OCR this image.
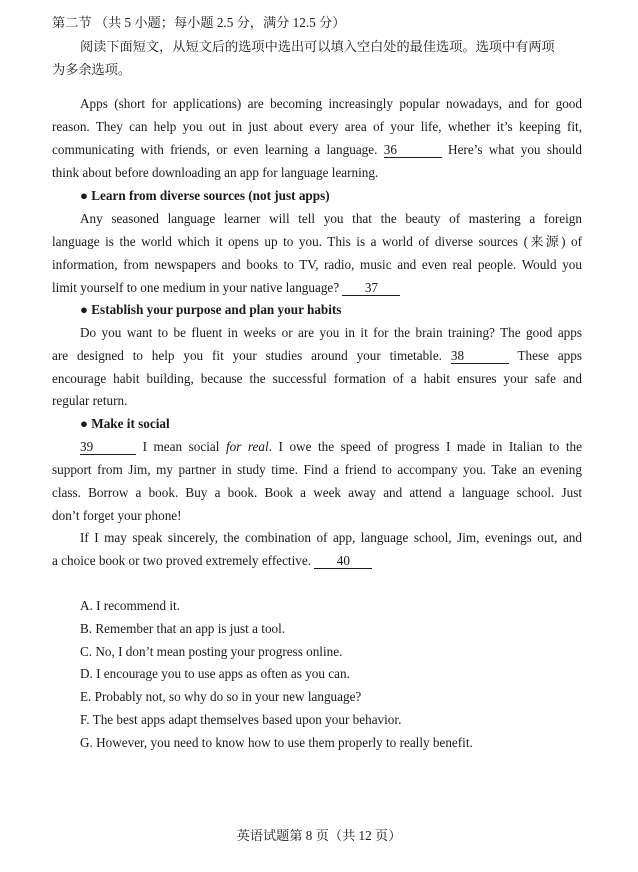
第二节 （共 5 小题；每小题 2.5 分，满分 12.5 分）
阅读下面短文，从短文后的选项中选出可以填入空白处的最佳选项。选项中有两项
为多余选项。
Apps (short for applications) are becoming increasingly popular nowadays, and for good
reason. They can help you out in just about every area of your life, whether it’s keeping fit,
communicating with friends, or even learning a language. 36	Here’s what you should
think about before downloading an app for language learning.
● Learn from diverse sources (not just apps)
Any seasoned language learner will tell you that the beauty of mastering a foreign
language is the world which it opens up to you. This is a world of diverse sources (来源) of
information, from newspapers and books to TV, radio, music and even real people. Would you
limit yourself to one medium in your native language? 37
● Establish your purpose and plan your habits
Do you want to be fluent in weeks or are you in it for the brain training? The good apps
are designed to help you fit your studies around your timetable. 38	These apps
encourage habit building, because the successful formation of a habit ensures your safe and
regular return.
● Make it social
39	I mean social for real. I owe the speed of progress I made in Italian to the
support from Jim, my partner in study time. Find a friend to accompany you. Take an evening
class. Borrow a book. Buy a book. Book a week away and attend a language school. Just
don’t forget your phone!
If I may speak sincerely, the combination of app, language school, Jim, evenings out, and
a choice book or two proved extremely effective. 40
A. I recommend it.
B. Remember that an app is just a tool.
C. No, I don’t mean posting your progress online.
D. I encourage you to use apps as often as you can.
E. Probably not, so why do so in your new language?
F. The best apps adapt themselves based upon your behavior.
G. However, you need to know how to use them properly to really benefit.
英语试题第 8 页（共 12 页）
